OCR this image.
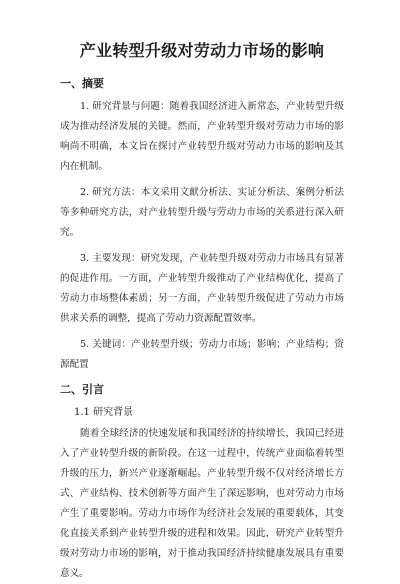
产业转型升级对劳动力市场的影响
一、摘要

1. 研究背景与问题：随着我国经济进入新常态，产业转型升级成为推动经济发展的关键。然而，产业转型升级对劳动力市场的影响尚不明确，本文旨在探讨产业转型升级对劳动力市场的影响及其内在机制。

2. 研究方法：本文采用文献分析法、实证分析法、案例分析法等多种研究方法，对产业转型升级与劳动力市场的关系进行深入研究。

3. 主要发现：研究发现，产业转型升级对劳动力市场具有显著的促进作用。一方面，产业转型升级推动了产业结构优化，提高了劳动力市场整体素质；另一方面，产业转型升级促进了劳动力市场供求关系的调整，提高了劳动力资源配置效率。

5. 关键词：产业转型升级；劳动力市场；影响；产业结构；资源配置

二、引言
1.1 研究背景

随着全球经济的快速发展和我国经济的持续增长，我国已经进入了产业转型升级的新阶段。在这一过程中，传统产业面临着转型升级的压力，新兴产业逐渐崛起。产业转型升级不仅对经济增长方式、产业结构、技术创新等方面产生了深远影响，也对劳动力市场产生了重要影响。劳动力市场作为经济社会发展的重要载体，其变化直接关系到产业转型升级的进程和效果。因此，研究产业转型升级对劳动力市场的影响，对于推动我国经济持续健康发展具有重要意义。
